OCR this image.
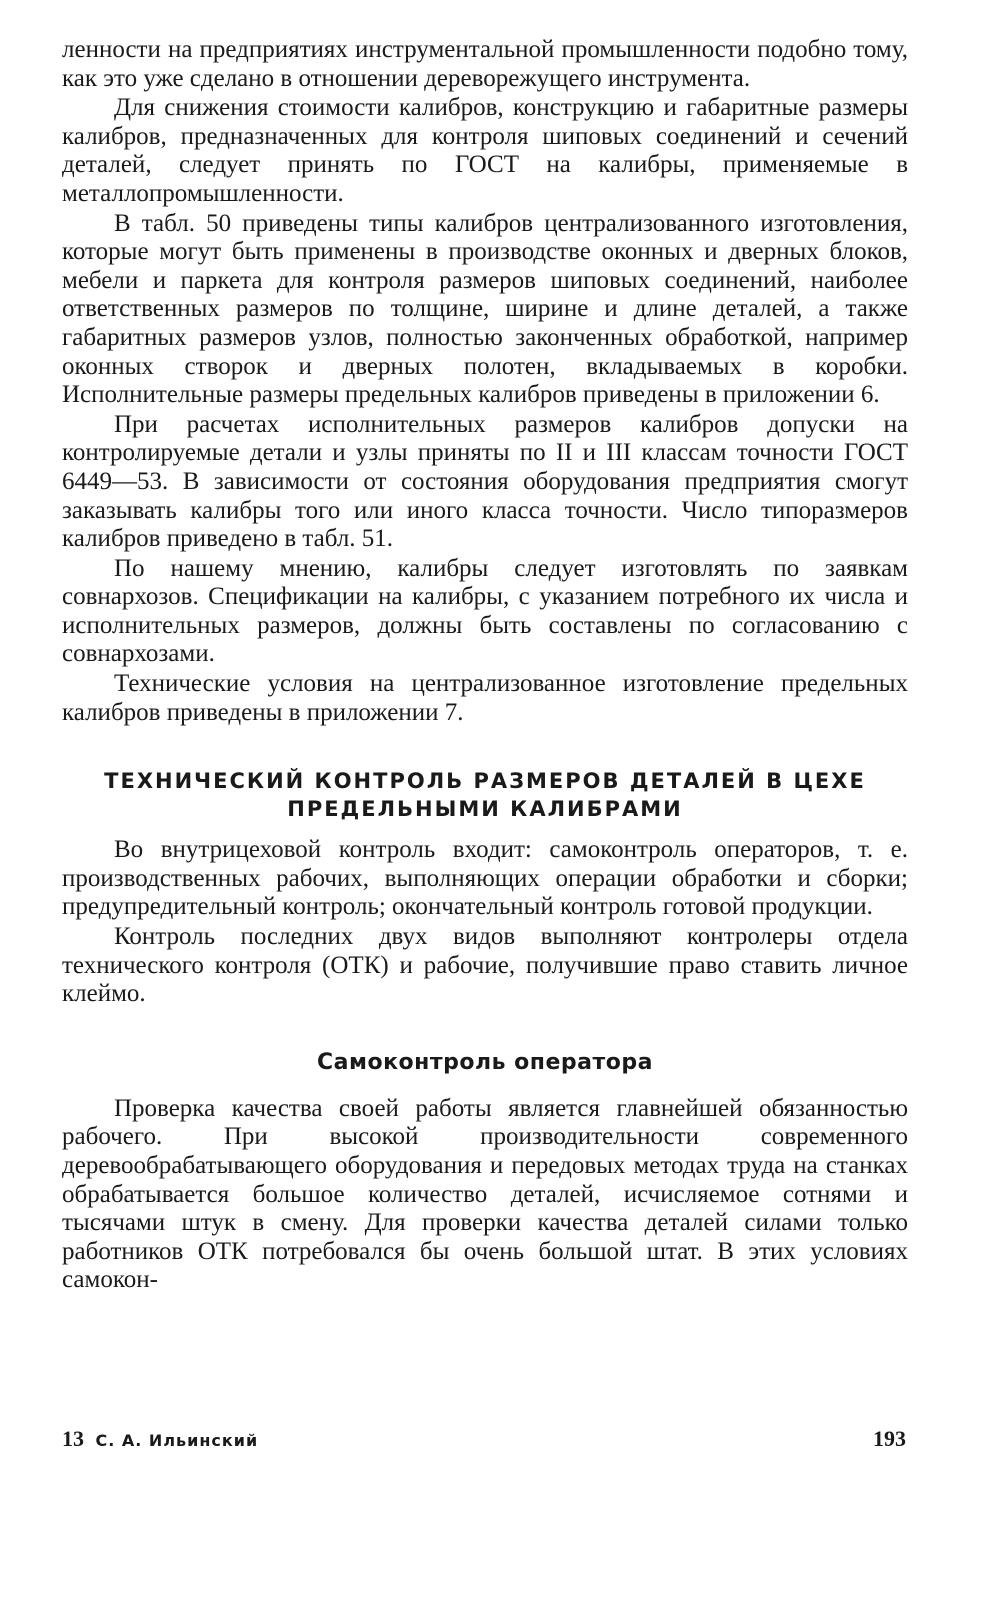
ленности на предприятиях инструментальной промышленности подобно тому, как это уже сделано в отношении дереворежущего инструмента.

Для снижения стоимости калибров, конструкцию и габаритные размеры калибров, предназначенных для контроля шиповых соединений и сечений деталей, следует принять по ГОСТ на калибры, применяемые в металлопромышленности.

В табл. 50 приведены типы калибров централизованного изготовления, которые могут быть применены в производстве оконных и дверных блоков, мебели и паркета для контроля размеров шиповых соединений, наиболее ответственных размеров по толщине, ширине и длине деталей, а также габаритных размеров узлов, полностью законченных обработкой, например оконных створок и дверных полотен, вкладываемых в коробки. Исполнительные размеры предельных калибров приведены в приложении 6.

При расчетах исполнительных размеров калибров допуски на контролируемые детали и узлы приняты по II и III классам точности ГОСТ 6449—53. В зависимости от состояния оборудования предприятия смогут заказывать калибры того или иного класса точности. Число типоразмеров калибров приведено в табл. 51.

По нашему мнению, калибры следует изготовлять по заявкам совнархозов. Спецификации на калибры, с указанием потребного их числа и исполнительных размеров, должны быть составлены по согласованию с совнархозами.

Технические условия на централизованное изготовление предельных калибров приведены в приложении 7.

ТЕХНИЧЕСКИЙ КОНТРОЛЬ РАЗМЕРОВ ДЕТАЛЕЙ В ЦЕХЕ
ПРЕДЕЛЬНЫМИ КАЛИБРАМИ

Во внутрицеховой контроль входит: самоконтроль операторов, т. е. производственных рабочих, выполняющих операции обработки и сборки; предупредительный контроль; окончательный контроль готовой продукции.

Контроль последних двух видов выполняют контролеры отдела технического контроля (ОТК) и рабочие, получившие право ставить личное клеймо.

Самоконтроль оператора

Проверка качества своей работы является главнейшей обязанностью рабочего. При высокой производительности современного деревообрабатывающего оборудования и передовых методах труда на станках обрабатывается большое количество деталей, исчисляемое сотнями и тысячами штук в смену. Для проверки качества деталей силами только работников ОТК потребовался бы очень большой штат. В этих условиях самокон-

13 С. А. Ильинский	193
